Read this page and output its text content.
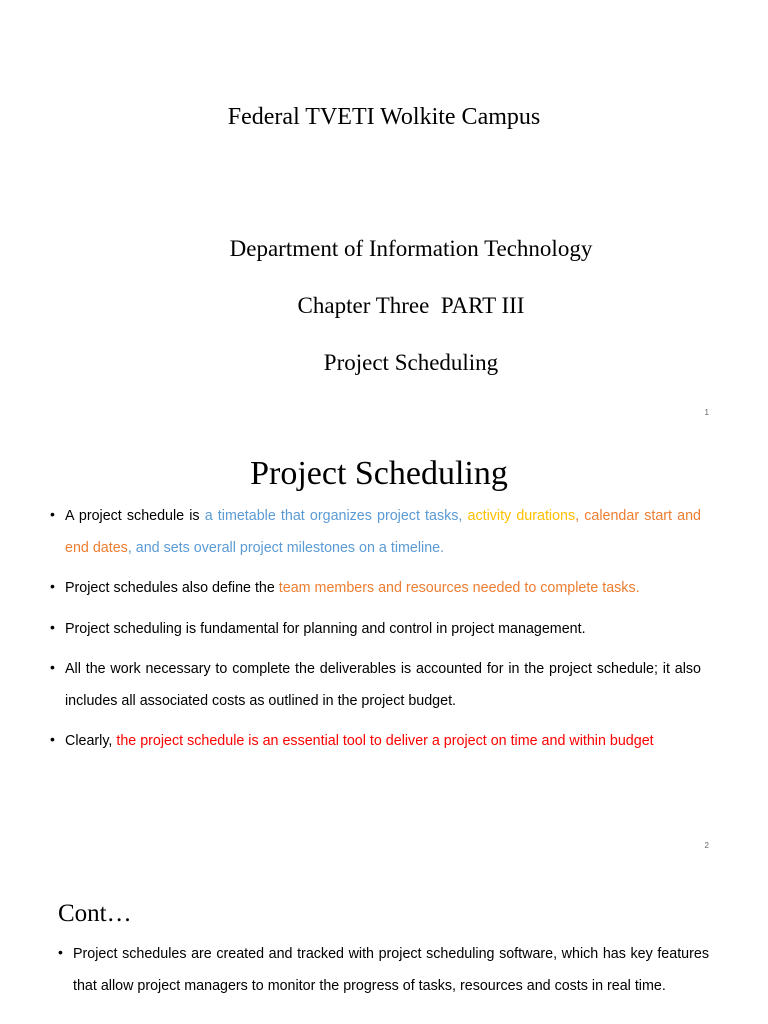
Federal TVETI Wolkite Campus
Department of Information Technology
Chapter Three  PART III
Project Scheduling
1
Project Scheduling
• A project schedule is a timetable that organizes project tasks, activity durations, calendar start and end dates, and sets overall project milestones on a timeline.
• Project schedules also define the team members and resources needed to complete tasks.
• Project scheduling is fundamental for planning and control in project management.
• All the work necessary to complete the deliverables is accounted for in the project schedule; it also includes all associated costs as outlined in the project budget.
• Clearly, the project schedule is an essential tool to deliver a project on time and within budget
2
Cont…
• Project schedules are created and tracked with project scheduling software, which has key features that allow project managers to monitor the progress of tasks, resources and costs in real time.
